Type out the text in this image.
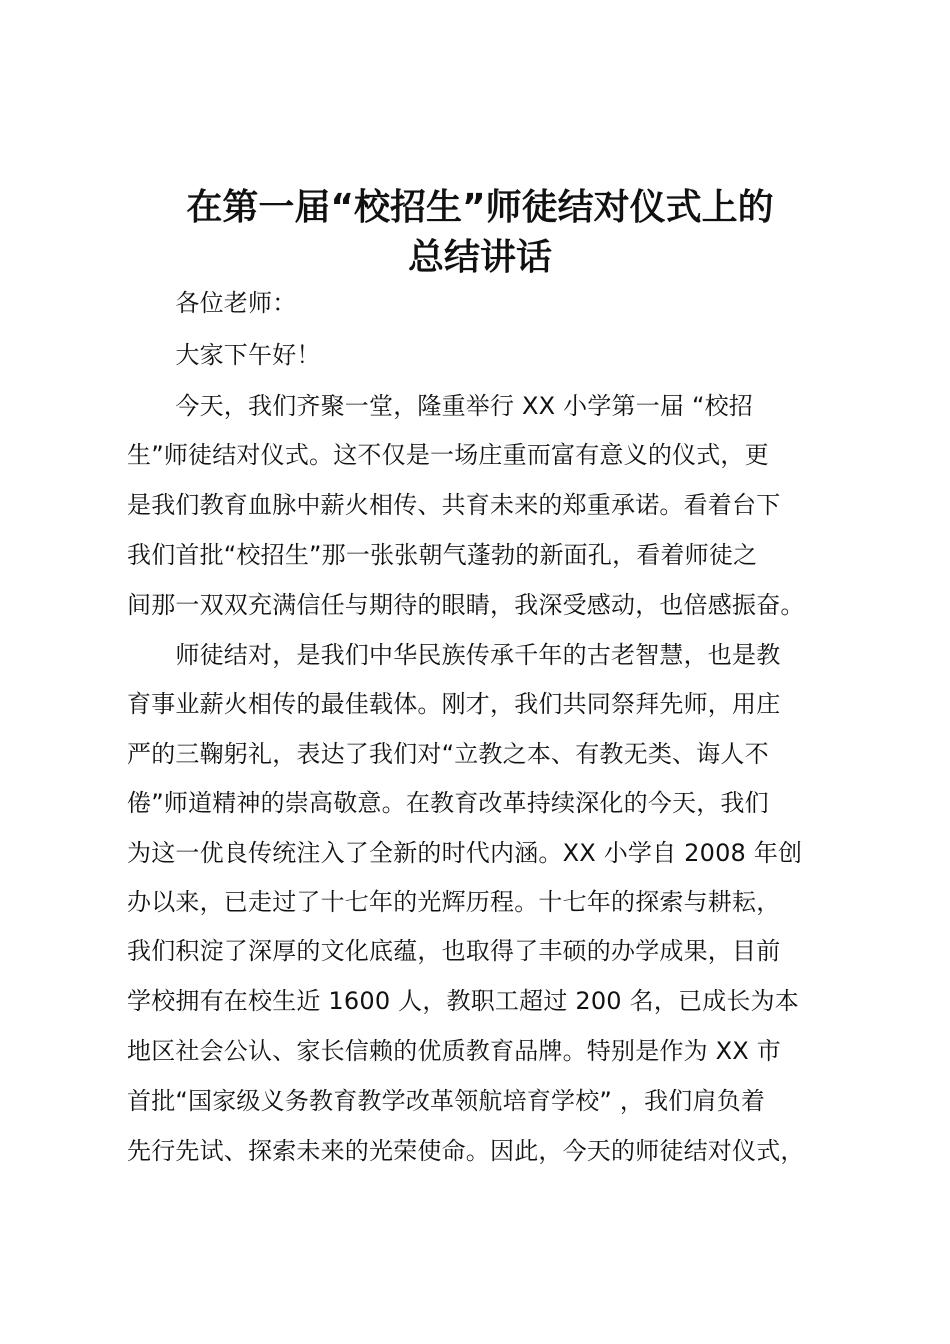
在第一届“校招生”师徒结对仪式上的
总结讲话

　　各位老师：

　　大家下午好！

　　今天，我们齐聚一堂，隆重举行 XX 小学第一届 “校招

生”师徒结对仪式。这不仅是一场庄重而富有意义的仪式，更

是我们教育血脉中薪火相传、共育未来的郑重承诺。看着台下

我们首批“校招生”那一张张朝气蓬勃的新面孔，看着师徒之

间那一双双充满信任与期待的眼睛，我深受感动，也倍感振奋。

　　师徒结对，是我们中华民族传承千年的古老智慧，也是教

育事业薪火相传的最佳载体。刚才，我们共同祭拜先师，用庄

严的三鞠躬礼，表达了我们对“立教之本、有教无类、诲人不

倦”师道精神的崇高敬意。在教育改革持续深化的今天，我们

为这一优良传统注入了全新的时代内涵。XX 小学自 2008 年创

办以来，已走过了十七年的光辉历程。十七年的探索与耕耘，

我们积淀了深厚的文化底蕴，也取得了丰硕的办学成果，目前

学校拥有在校生近 1600 人，教职工超过 200 名，已成长为本

地区社会公认、家长信赖的优质教育品牌。特别是作为 XX 市

首批“国家级义务教育教学改革领航培育学校” ，我们肩负着

先行先试、探索未来的光荣使命。因此，今天的师徒结对仪式，
